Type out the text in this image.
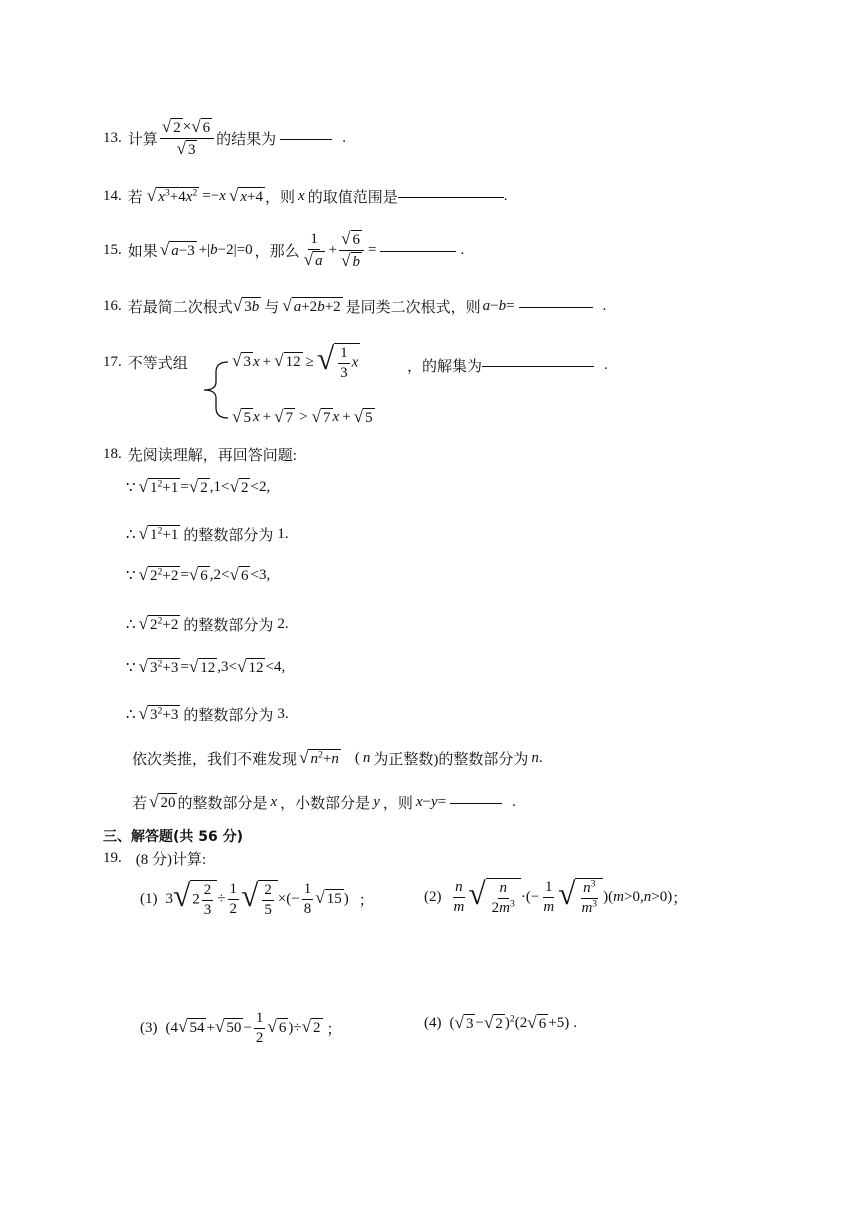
13. 计算 $\frac{√ 2 \times √ 6}{√ 3}$ 的结果为	.
14. 若 √ $x^3+4x^2 =-x$ √ x+4 ，则 x 的取值范围是	.
15. 如果 √ a−3 +|b−2|=0 ，那么 $\frac{1}{√ a} + \frac{√ 6}{√ b}$ =	.
16. 若最简二次根式 √ 3b 与 √ a+2b+2 是同类二次根式，则 a−b=	.
17. 不等式组	√ 3 x + √ 12 ≥ √ $\frac{1}{3}$ x	，的解集为	.
√ 5 x + √ 7 > √ 7 x + √ 5
18. 先阅读理解，再回答问题:
∵ √ $1^2+1$ = √ 2 ,1< √ 2 <2,
∴ √ $1^2+1$ 的整数部分为 1.
∵ √ $2^2+2$ = √ 6 ,2< √ 6 <3,
∴ √ $2^2+2$ 的整数部分为 2.
∵ √ $3^2+3$ = √ 12 ,3< √ 12 <4,
∴ √ $3^2+3$ 的整数部分为 3.
依次类推，我们不难发现 √ $n^2+n$ ( n 为正整数)的整数部分为 n .
若 √ 20 的整数部分是 x ，小数部分是 y ，则 x−y=	.
三、解答题(共 56 分)
19. (8 分)计算:
(1) 3 √ $2 \frac{2}{3} \div \frac{1}{2}$ √ $\frac{2}{5}$ ×(− $\frac{1}{8}$ √ 15 ) ；	$(2) \frac{n}{m}$ √ $\frac{n}{2m^3}$ ·(− $\frac{1}{m}$ √ $\frac{n^3}{m^3} )(m>0,n>0)$ ；
(3) (4 √ 54 + √ $50 - \frac{1}{2}$ √ 6 )÷ √ 2 ；	(4) ( √ 3 − √ 2 )$^2$(2 √ 6 +5) .
